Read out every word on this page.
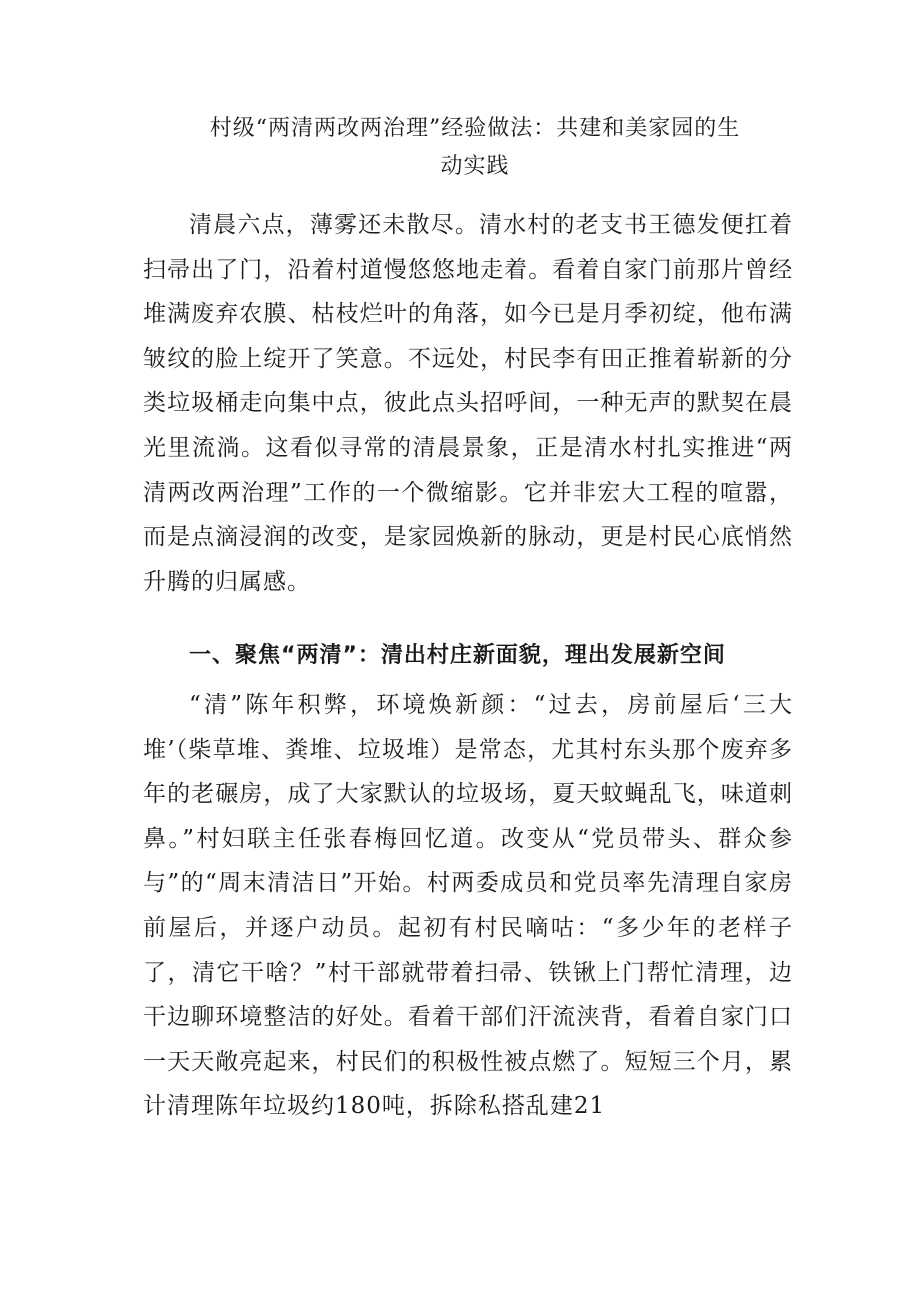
村级“两清两改两治理”经验做法：共建和美家园的生
动实践

清晨六点，薄雾还未散尽。清水村的老支书王德发便扛着扫帚出了门，沿着村道慢悠悠地走着。看着自家门前那片曾经堆满废弃农膜、枯枝烂叶的角落，如今已是月季初绽，他布满皱纹的脸上绽开了笑意。不远处，村民李有田正推着崭新的分类垃圾桶走向集中点，彼此点头招呼间，一种无声的默契在晨光里流淌。这看似寻常的清晨景象，正是清水村扎实推进“两清两改两治理”工作的一个微缩影。它并非宏大工程的喧嚣，而是点滴浸润的改变，是家园焕新的脉动，更是村民心底悄然升腾的归属感。

一、聚焦“两清”：清出村庄新面貌，理出发展新空间

“清”陈年积弊，环境焕新颜：“过去，房前屋后‘三大堆’（柴草堆、粪堆、垃圾堆）是常态，尤其村东头那个废弃多年的老碾房，成了大家默认的垃圾场，夏天蚊蝇乱飞，味道刺鼻。”村妇联主任张春梅回忆道。改变从“党员带头、群众参与”的“周末清洁日”开始。村两委成员和党员率先清理自家房前屋后，并逐户动员。起初有村民嘀咕：“多少年的老样子了，清它干啥？”村干部就带着扫帚、铁锹上门帮忙清理，边干边聊环境整洁的好处。看着干部们汗流浃背，看着自家门口一天天敞亮起来，村民们的积极性被点燃了。短短三个月，累计清理陈年垃圾约180吨，拆除私搭乱建21
